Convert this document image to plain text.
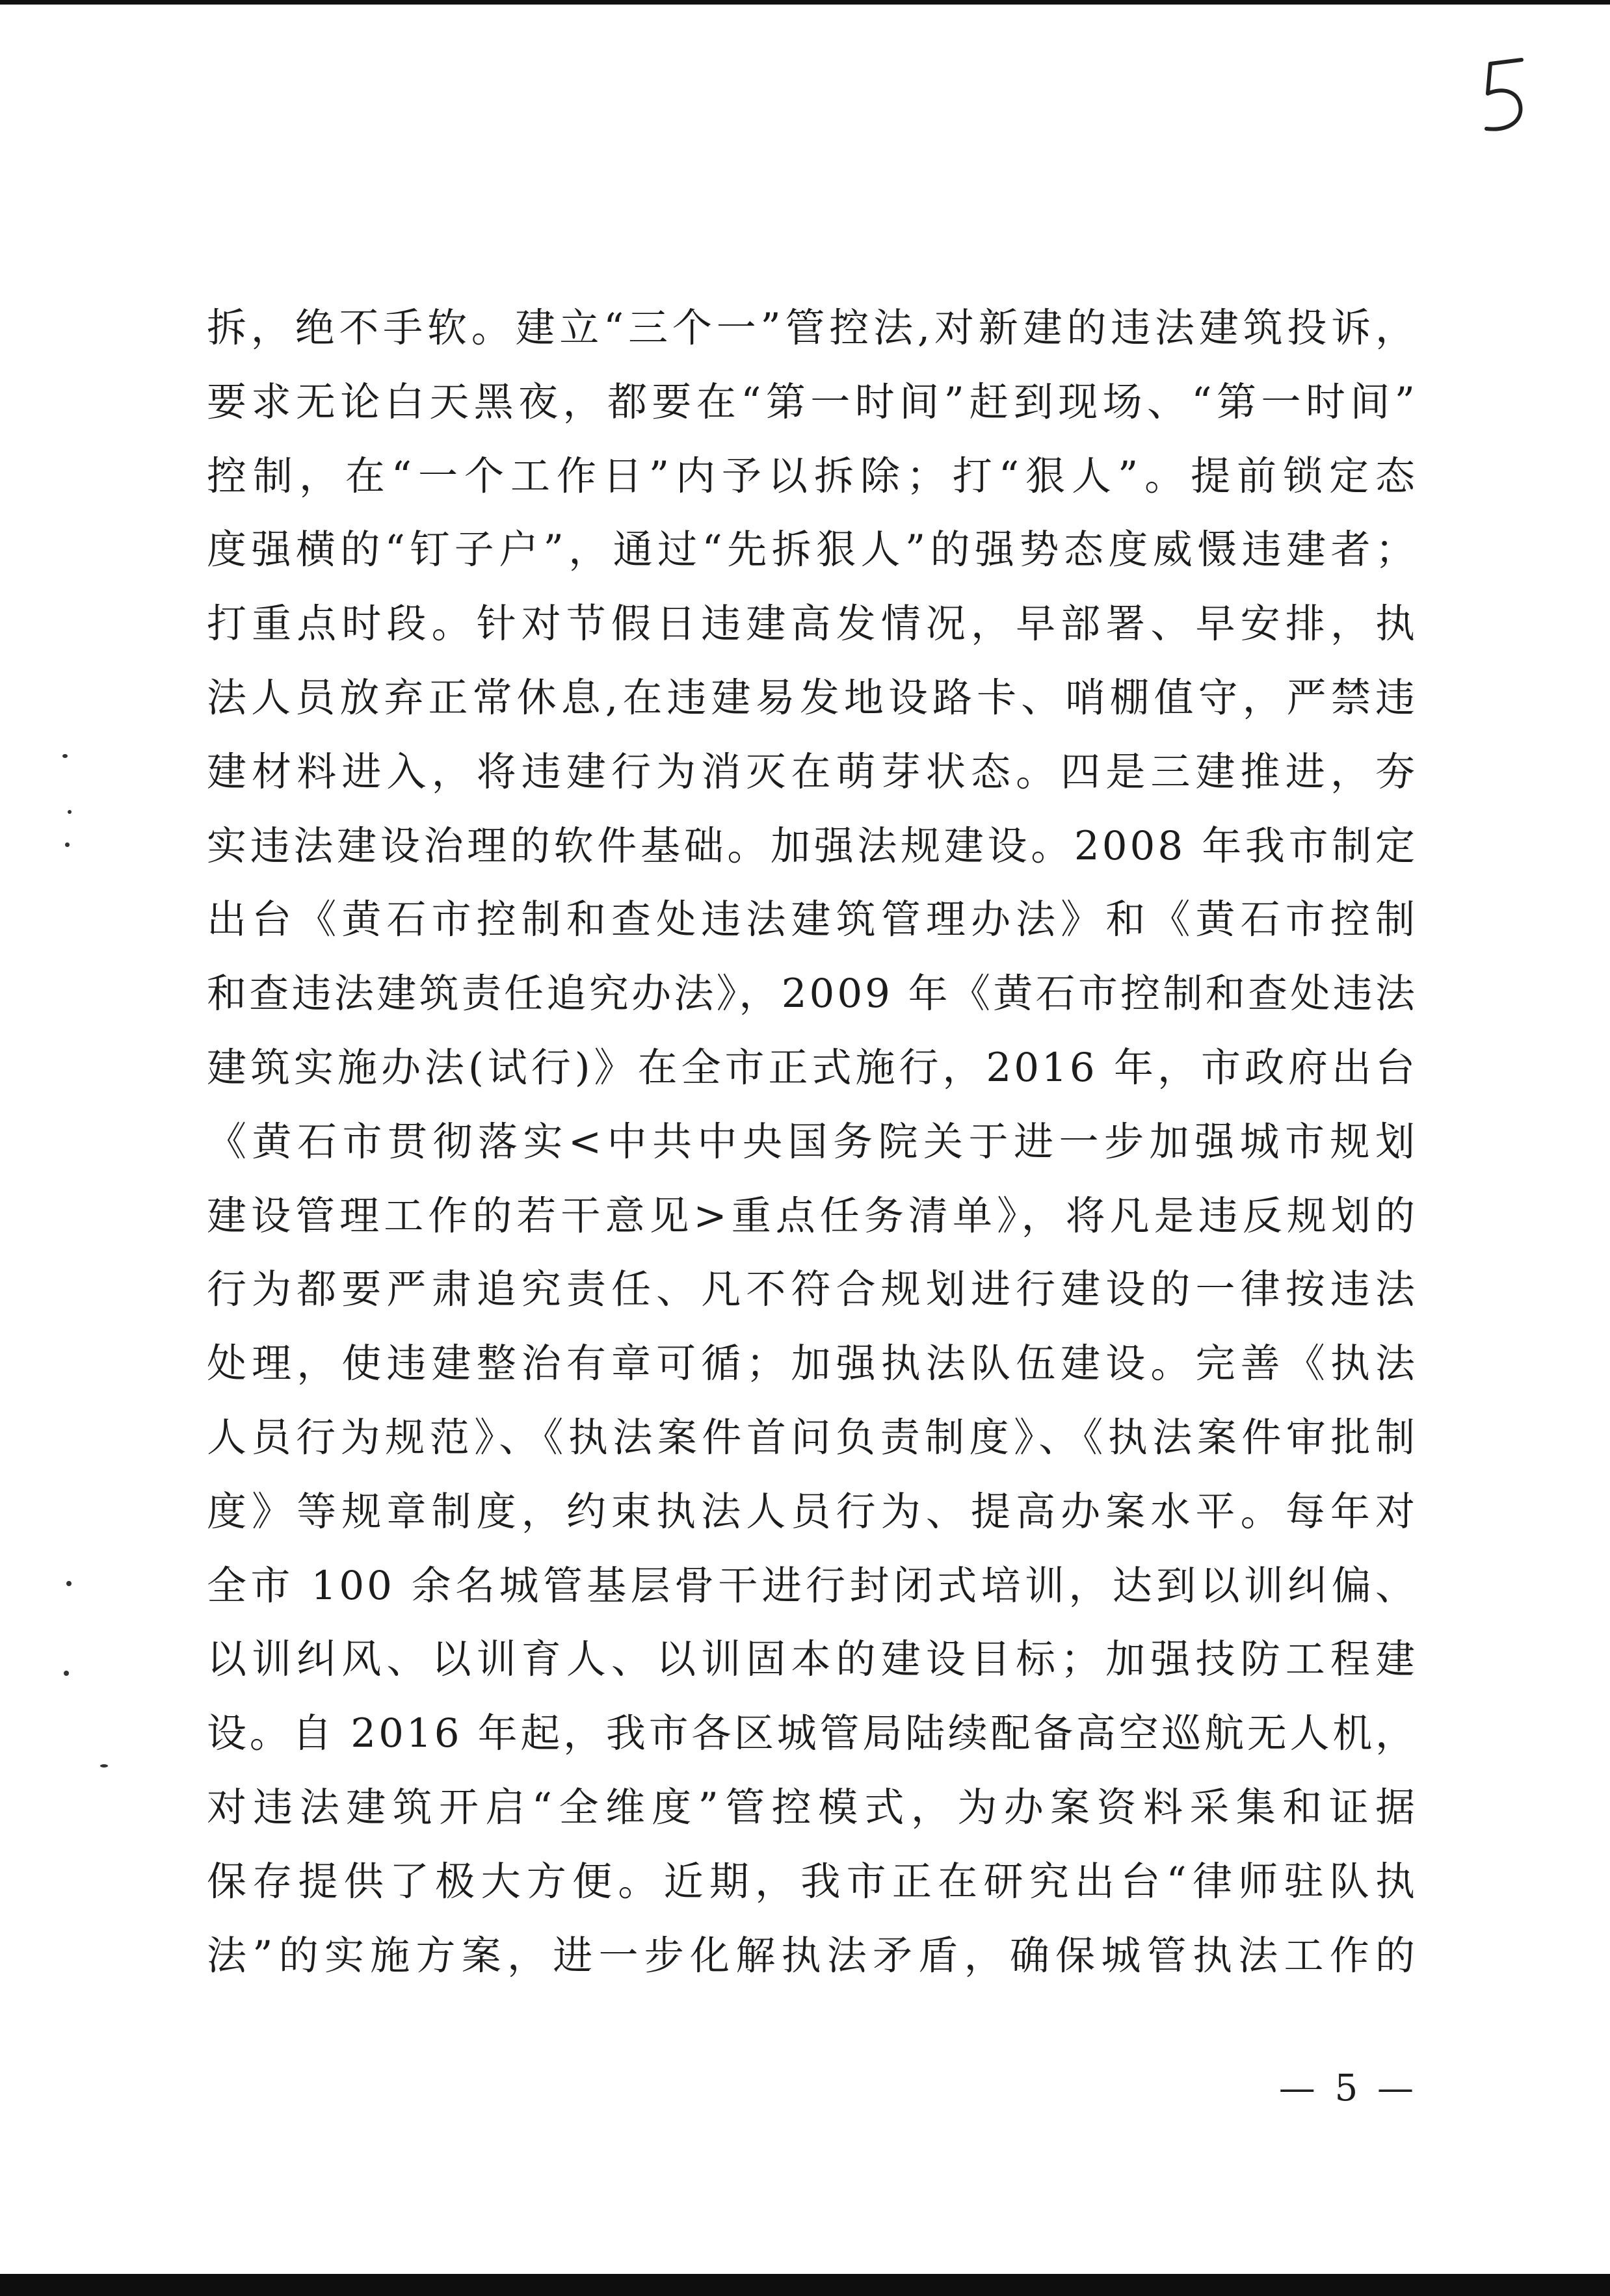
拆，绝不手软。建立“三个一”管控法,对新建的违法建筑投诉，
要求无论白天黑夜，都要在“第一时间”赶到现场、“第一时间”
控制，在“一个工作日”内予以拆除；打“狠人”。提前锁定态
度强横的“钉子户”，通过“先拆狠人”的强势态度威慑违建者；
打重点时段。针对节假日违建高发情况，早部署、早安排，执
法人员放弃正常休息,在违建易发地设路卡、哨棚值守，严禁违
建材料进入，将违建行为消灭在萌芽状态。四是三建推进，夯
实违法建设治理的软件基础。加强法规建设。2008 年我市制定
出台《黄石市控制和查处违法建筑管理办法》和《黄石市控制
和查违法建筑责任追究办法》，2009 年《黄石市控制和查处违法
建筑实施办法(试行)》在全市正式施行，2016 年，市政府出台
《黄石市贯彻落实<中共中央国务院关于进一步加强城市规划
建设管理工作的若干意见>重点任务清单》，将凡是违反规划的
行为都要严肃追究责任、凡不符合规划进行建设的一律按违法
处理，使违建整治有章可循；加强执法队伍建设。完善《执法
人员行为规范》、《执法案件首问负责制度》、《执法案件审批制
度》等规章制度，约束执法人员行为、提高办案水平。每年对
全市 100 余名城管基层骨干进行封闭式培训，达到以训纠偏、
以训纠风、以训育人、以训固本的建设目标；加强技防工程建
设。自 2016 年起，我市各区城管局陆续配备高空巡航无人机，
对违法建筑开启“全维度”管控模式，为办案资料采集和证据
保存提供了极大方便。近期，我市正在研究出台“律师驻队执
法”的实施方案，进一步化解执法矛盾，确保城管执法工作的
— 5 —
